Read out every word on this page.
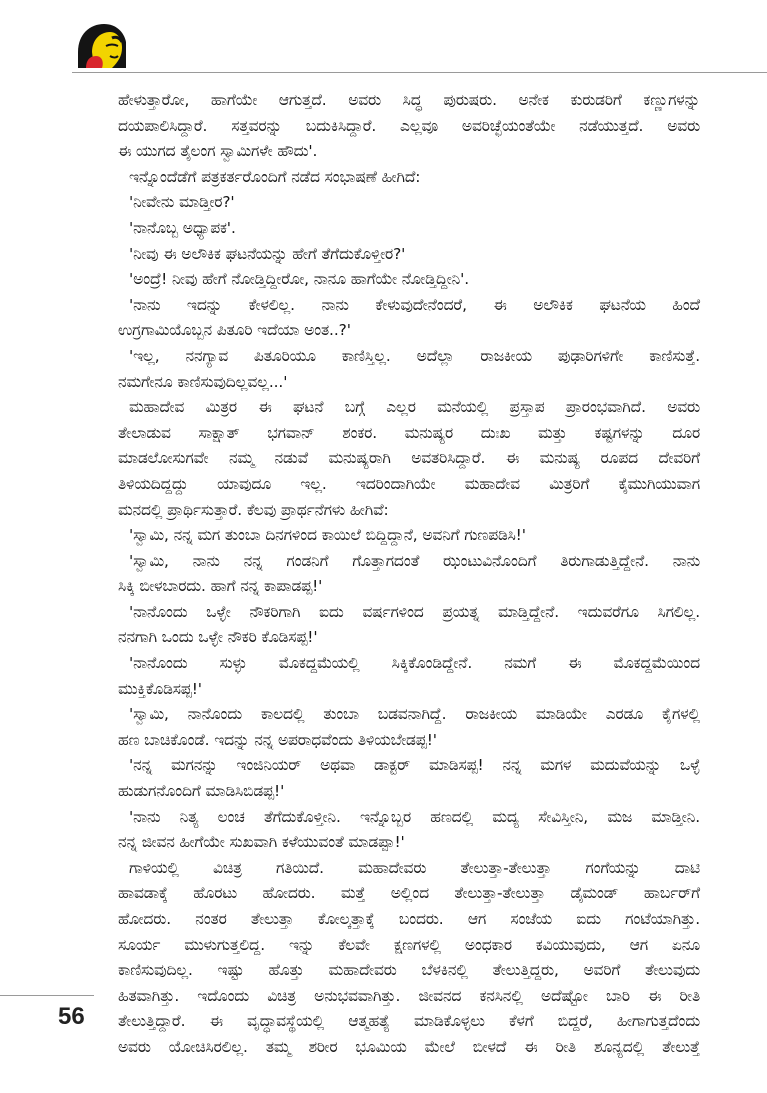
ಹೇಳುತ್ತಾರೋ, ಹಾಗೆಯೇ ಆಗುತ್ತದೆ. ಅವರು ಸಿದ್ಧ ಪುರುಷರು. ಅನೇಕ ಕುರುಡರಿಗೆ ಕಣ್ಣುಗಳನ್ನು

ದಯಪಾಲಿಸಿದ್ದಾರೆ. ಸತ್ತವರನ್ನು ಬದುಕಿಸಿದ್ದಾರೆ. ಎಲ್ಲವೂ ಅವರಿಚ್ಛೆಯಂತೆಯೇ ನಡೆಯುತ್ತದೆ. ಅವರು

ಈ ಯುಗದ ತೈಲಂಗ ಸ್ವಾಮಿಗಳೇ ಹೌದು'.

ಇನ್ನೊಂದೆಡೆಗೆ ಪತ್ರಕರ್ತರೊಂದಿಗೆ ನಡೆದ ಸಂಭಾಷಣೆ ಹೀಗಿದೆ:

'ನೀವೇನು ಮಾಡ್ತೀರ?'

'ನಾನೊಬ್ಬ ಅಧ್ಯಾಪಕ'.

'ನೀವು ಈ ಅಲೌಕಿಕ ಘಟನೆಯನ್ನು ಹೇಗೆ ತೆಗೆದುಕೊಳ್ತೀರ?'

'ಅಂದ್ರೆ! ನೀವು ಹೇಗೆ ನೋಡ್ತಿದ್ದೀರೋ, ನಾನೂ ಹಾಗೆಯೇ ನೋಡ್ತಿದ್ದೀನಿ'.

'ನಾನು ಇದನ್ನು ಕೇಳಲಿಲ್ಲ. ನಾನು ಕೇಳುವುದೇನೆಂದರೆ, ಈ ಅಲೌಕಿಕ ಘಟನೆಯ ಹಿಂದೆ

ಉಗ್ರಗಾಮಿಯೊಬ್ಬನ ಪಿತೂರಿ ಇದೆಯಾ ಅಂತ..?'

'ಇಲ್ಲ, ನನಗ್ಯಾವ ಪಿತೂರಿಯೂ ಕಾಣಿಸ್ತಿಲ್ಲ. ಅದೆಲ್ಲಾ ರಾಜಕೀಯ ಪುಢಾರಿಗಳಿಗೇ ಕಾಣಿಸುತ್ತೆ.

ನಮಗೇನೂ ಕಾಣಿಸುವುದಿಲ್ಲವಲ್ಲ...'

ಮಹಾದೇವ ಮಿತ್ರರ ಈ ಘಟನೆ ಬಗ್ಗೆ ಎಲ್ಲರ ಮನೆಯಲ್ಲಿ ಪ್ರಸ್ತಾಪ ಪ್ರಾರಂಭವಾಗಿದೆ. ಅವರು

ತೇಲಾಡುವ ಸಾಕ್ಷಾತ್ ಭಗವಾನ್ ಶಂಕರ. ಮನುಷ್ಯರ ದುಃಖ ಮತ್ತು ಕಷ್ಟಗಳನ್ನು ದೂರ

ಮಾಡಲೋಸುಗವೇ ನಮ್ಮ ನಡುವೆ ಮನುಷ್ಯರಾಗಿ ಅವತರಿಸಿದ್ದಾರೆ. ಈ ಮನುಷ್ಯ ರೂಪದ ದೇವರಿಗೆ

ತಿಳಿಯದಿದ್ದದ್ದು ಯಾವುದೂ ಇಲ್ಲ. ಇದರಿಂದಾಗಿಯೇ ಮಹಾದೇವ ಮಿತ್ರರಿಗೆ ಕೈಮುಗಿಯುವಾಗ

ಮನದಲ್ಲಿ ಪ್ರಾರ್ಥಿಸುತ್ತಾರೆ. ಕೆಲವು ಪ್ರಾರ್ಥನೆಗಳು ಹೀಗಿವೆ:

'ಸ್ವಾಮಿ, ನನ್ನ ಮಗ ತುಂಬಾ ದಿನಗಳಿಂದ ಕಾಯಿಲೆ ಬಿದ್ದಿದ್ದಾನೆ, ಅವನಿಗೆ ಗುಣಪಡಿಸಿ!'

'ಸ್ವಾಮಿ, ನಾನು ನನ್ನ ಗಂಡನಿಗೆ ಗೊತ್ತಾಗದಂತೆ ಝಂಟುವಿನೊಂದಿಗೆ ತಿರುಗಾಡುತ್ತಿದ್ದೇನೆ. ನಾನು

ಸಿಕ್ಕಿ ಬೀಳಬಾರದು. ಹಾಗೆ ನನ್ನ ಕಾಪಾಡಪ್ಪ!'

'ನಾನೊಂದು ಒಳ್ಳೇ ನೌಕರಿಗಾಗಿ ಐದು ವರ್ಷಗಳಿಂದ ಪ್ರಯತ್ನ ಮಾಡ್ತಿದ್ದೇನೆ. ಇದುವರೆಗೂ ಸಿಗಲಿಲ್ಲ.

ನನಗಾಗಿ ಒಂದು ಒಳ್ಳೇ ನೌಕರಿ ಕೊಡಿಸಪ್ಪ!'

'ನಾನೊಂದು ಸುಳ್ಳು ಮೊಕದ್ದಮೆಯಲ್ಲಿ ಸಿಕ್ಕಿಕೊಂಡಿದ್ದೇನೆ. ನಮಗೆ ಈ ಮೊಕದ್ದಮೆಯಿಂದ

ಮುಕ್ತಿಕೊಡಿಸಪ್ಪ!'

'ಸ್ವಾಮಿ, ನಾನೊಂದು ಕಾಲದಲ್ಲಿ ತುಂಬಾ ಬಡವನಾಗಿದ್ದೆ. ರಾಜಕೀಯ ಮಾಡಿಯೇ ಎರಡೂ ಕೈಗಳಲ್ಲಿ

ಹಣ ಬಾಚಿಕೊಂಡೆ. ಇದನ್ನು ನನ್ನ ಅಪರಾಧವೆಂದು ತಿಳಿಯಬೇಡಪ್ಪ!'

'ನನ್ನ ಮಗನನ್ನು ಇಂಜಿನಿಯರ್ ಅಥವಾ ಡಾಕ್ಟರ್ ಮಾಡಿಸಪ್ಪ! ನನ್ನ ಮಗಳ ಮದುವೆಯನ್ನು ಒಳ್ಳೆ

ಹುಡುಗನೊಂದಿಗೆ ಮಾಡಿಸಿಬಿಡಪ್ಪ!'

'ನಾನು ನಿತ್ಯ ಲಂಚ ತೆಗೆದುಕೊಳ್ತೀನಿ. ಇನ್ನೊಬ್ಬರ ಹಣದಲ್ಲಿ ಮದ್ಯ ಸೇವಿಸ್ತೀನಿ, ಮಜ ಮಾಡ್ತೀನಿ.

ನನ್ನ ಜೀವನ ಹೀಗೆಯೇ ಸುಖವಾಗಿ ಕಳೆಯುವಂತೆ ಮಾಡಪ್ಪಾ!'

ಗಾಳಿಯಲ್ಲಿ ವಿಚಿತ್ರ ಗತಿಯಿದೆ. ಮಹಾದೇವರು ತೇಲುತ್ತಾ-ತೇಲುತ್ತಾ ಗಂಗೆಯನ್ನು ದಾಟಿ

ಹಾವಡಾಕ್ಕೆ ಹೊರಟು ಹೋದರು. ಮತ್ತೆ ಅಲ್ಲಿಂದ ತೇಲುತ್ತಾ-ತೇಲುತ್ತಾ ಡೈಮಂಡ್ ಹಾರ್ಬರ್‌ಗೆ

ಹೋದರು. ನಂತರ ತೇಲುತ್ತಾ ಕೋಲ್ಕತ್ತಾಕ್ಕೆ ಬಂದರು. ಆಗ ಸಂಜೆಯ ಐದು ಗಂಟೆಯಾಗಿತ್ತು.

ಸೂರ್ಯ ಮುಳುಗುತ್ತಲಿದ್ದ. ಇನ್ನು ಕೆಲವೇ ಕ್ಷಣಗಳಲ್ಲಿ ಅಂಧಕಾರ ಕವಿಯುವುದು, ಆಗ ಏನೂ

ಕಾಣಿಸುವುದಿಲ್ಲ. ಇಷ್ಟು ಹೊತ್ತು ಮಹಾದೇವರು ಬೆಳಕಿನಲ್ಲಿ ತೇಲುತ್ತಿದ್ದರು, ಅವರಿಗೆ ತೇಲುವುದು

ಹಿತವಾಗಿತ್ತು. ಇದೊಂದು ವಿಚಿತ್ರ ಅನುಭವವಾಗಿತ್ತು. ಜೀವನದ ಕನಸಿನಲ್ಲಿ ಅದೆಷ್ಟೋ ಬಾರಿ ಈ ರೀತಿ

ತೇಲುತ್ತಿದ್ದಾರೆ. ಈ ವೃದ್ಧಾವಸ್ಥೆಯಲ್ಲಿ ಆತ್ಮಹತ್ಯೆ ಮಾಡಿಕೊಳ್ಳಲು ಕೆಳಗೆ ಬಿದ್ದರೆ, ಹೀಗಾಗುತ್ತದೆಂದು

ಅವರು ಯೋಚಿಸಿರಲಿಲ್ಲ. ತಮ್ಮ ಶರೀರ ಭೂಮಿಯ ಮೇಲೆ ಬೀಳದೆ ಈ ರೀತಿ ಶೂನ್ಯದಲ್ಲಿ ತೇಲುತ್ತೆ

56
